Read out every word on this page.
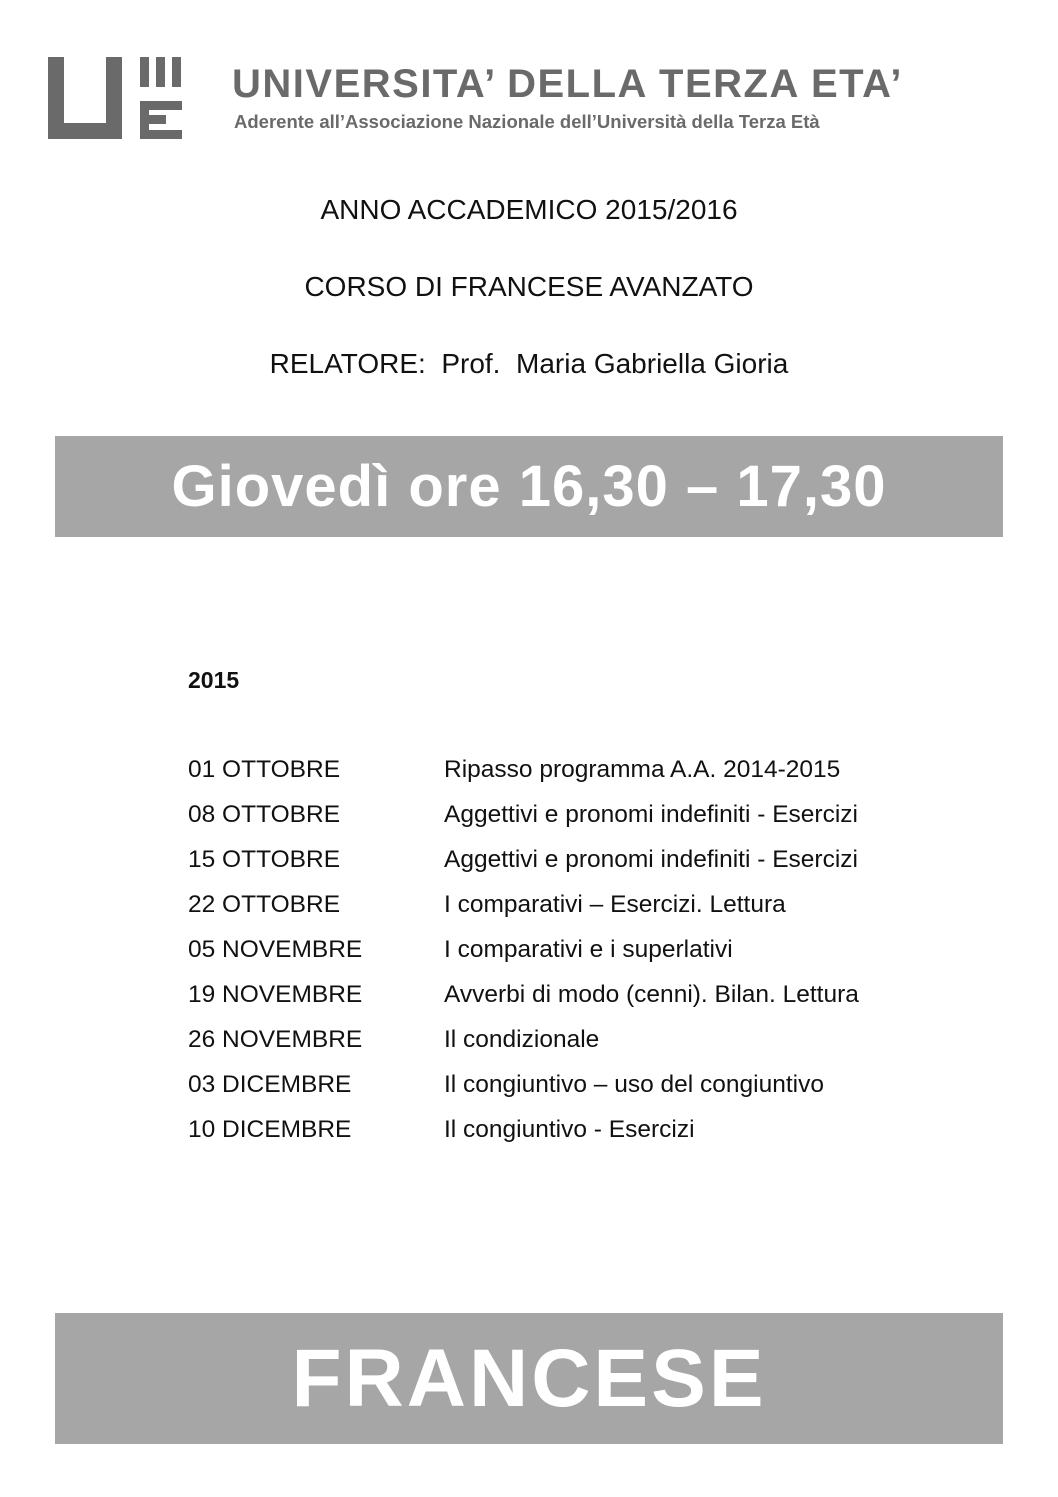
UNIVERSITA’ DELLA TERZA ETA’
Aderente all’Associazione Nazionale dell’Università della Terza Età
ANNO ACCADEMICO 2015/2016
CORSO DI FRANCESE AVANZATO
RELATORE:  Prof.  Maria Gabriella Gioria
Giovedì ore 16,30 – 17,30
2015
01 OTTOBRE	Ripasso programma A.A. 2014-2015
08 OTTOBRE	Aggettivi e pronomi indefiniti - Esercizi
15 OTTOBRE	Aggettivi e pronomi indefiniti - Esercizi
22 OTTOBRE	I comparativi – Esercizi. Lettura
05 NOVEMBRE	I comparativi e i superlativi
19 NOVEMBRE	Avverbi di modo (cenni). Bilan. Lettura
26 NOVEMBRE	Il condizionale
03 DICEMBRE	Il congiuntivo – uso del congiuntivo
10 DICEMBRE	Il congiuntivo - Esercizi
FRANCESE
